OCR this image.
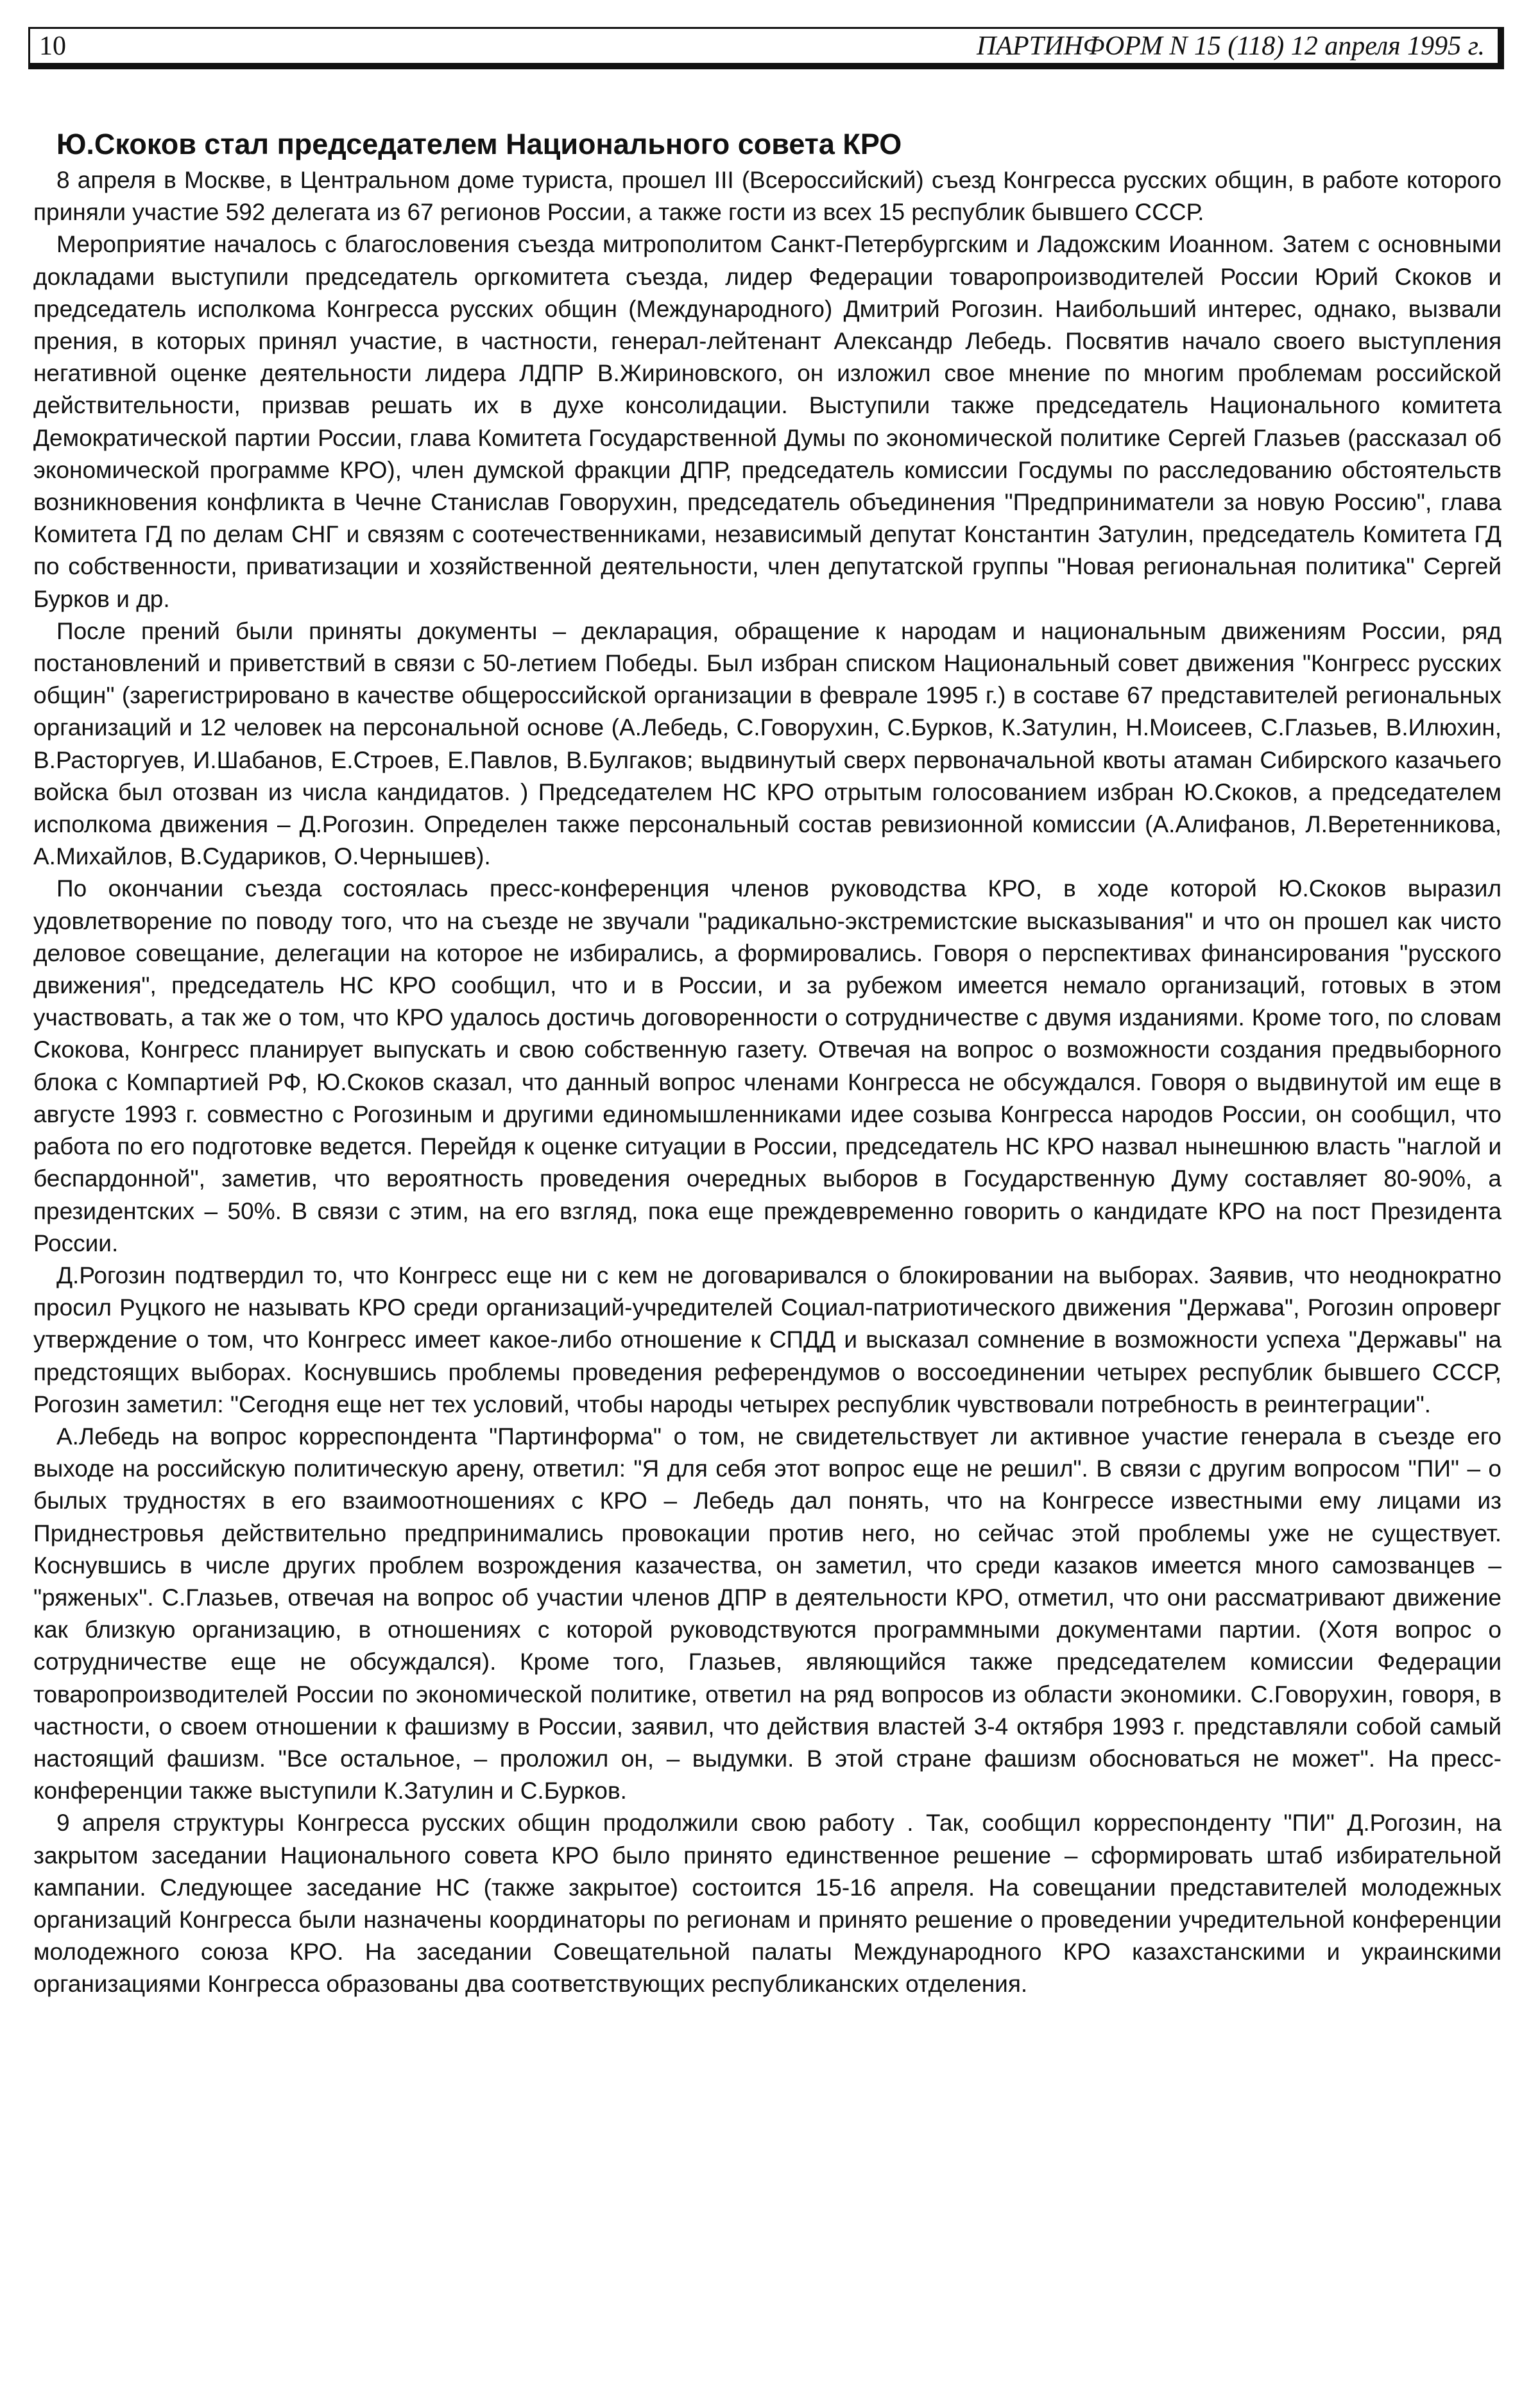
10	ПАРТИНФОРМ N 15 (118) 12 апреля 1995 г.
Ю.Скоков стал председателем Национального совета КРО

8 апреля в Москве, в Центральном доме туриста, прошел III (Всероссийский) съезд Конгресса русских общин, в работе которого приняли участие 592 делегата из 67 регионов России, а также гости из всех 15 республик бывшего СССР.

Мероприятие началось с благословения съезда митрополитом Санкт-Петербургским и Ладожским Иоанном. Затем с основными докладами выступили председатель оргкомитета съезда, лидер Федерации товаропроизводителей России Юрий Скоков и председатель исполкома Конгресса русских общин (Международного) Дмитрий Рогозин. Наибольший интерес, однако, вызвали прения, в которых принял участие, в частности, генерал-лейтенант Александр Лебедь. Посвятив начало своего выступления негативной оценке деятельности лидера ЛДПР В.Жириновского, он изложил свое мнение по многим проблемам российской действительности, призвав решать их в духе консолидации. Выступили также председатель Национального комитета Демократической партии России, глава Комитета Государственной Думы по экономической политике Сергей Глазьев (рассказал об экономической программе КРО), член думской фракции ДПР, председатель комиссии Госдумы по расследованию обстоятельств возникновения конфликта в Чечне Станислав Говорухин, председатель объединения "Предприниматели за новую Россию", глава Комитета ГД по делам СНГ и связям с соотечественниками, независимый депутат Константин Затулин, председатель Комитета ГД по собственности, приватизации и хозяйственной деятельности, член депутатской группы "Новая региональная политика" Сергей Бурков и др.

После прений были приняты документы – декларация, обращение к народам и национальным движениям России, ряд постановлений и приветствий в связи с 50-летием Победы. Был избран списком Национальный совет движения "Конгресс русских общин" (зарегистрировано в качестве общероссийской организации в феврале 1995 г.) в составе 67 представителей региональных организаций и 12 человек на персональной основе (А.Лебедь, С.Говорухин, С.Бурков, К.Затулин, Н.Моисеев, С.Глазьев, В.Илюхин, В.Расторгуев, И.Шабанов, Е.Строев, Е.Павлов, В.Булгаков; выдвинутый сверх первоначальной квоты атаман Сибирского казачьего войска был отозван из числа кандидатов. ) Председателем НС КРО отрытым голосованием избран Ю.Скоков, а председателем исполкома движения – Д.Рогозин. Определен также персональный состав ревизионной комиссии (А.Алифанов, Л.Веретенникова, А.Михайлов, В.Судариков, О.Чернышев).

По окончании съезда состоялась пресс-конференция членов руководства КРО, в ходе которой Ю.Скоков выразил удовлетворение по поводу того, что на съезде не звучали "радикально-экстремистские высказывания" и что он прошел как чисто деловое совещание, делегации на которое не избирались, а формировались. Говоря о перспективах финансирования "русского движения", председатель НС КРО сообщил, что и в России, и за рубежом имеется немало организаций, готовых в этом участвовать, а так же о том, что КРО удалось достичь договоренности о сотрудничестве с двумя изданиями. Кроме того, по словам Скокова, Конгресс планирует выпускать и свою собственную газету. Отвечая на вопрос о возможности создания предвыборного блока с Компартией РФ, Ю.Скоков сказал, что данный вопрос членами Конгресса не обсуждался. Говоря о выдвинутой им еще в августе 1993 г. совместно с Рогозиным и другими единомышленниками идее созыва Конгресса народов России, он сообщил, что работа по его подготовке ведется. Перейдя к оценке ситуации в России, председатель НС КРО назвал нынешнюю власть "наглой и беспардонной", заметив, что вероятность проведения очередных выборов в Государственную Думу составляет 80-90%, а президентских – 50%. В связи с этим, на его взгляд, пока еще преждевременно говорить о кандидате КРО на пост Президента России.

Д.Рогозин подтвердил то, что Конгресс еще ни с кем не договаривался о блокировании на выборах. Заявив, что неоднократно просил Руцкого не называть КРО среди организаций-учредителей Социал-патриотического движения "Держава", Рогозин опроверг утверждение о том, что Конгресс имеет какое-либо отношение к СПДД и высказал сомнение в возможности успеха "Державы" на предстоящих выборах. Коснувшись проблемы проведения референдумов о воссоединении четырех республик бывшего СССР, Рогозин заметил: "Сегодня еще нет тех условий, чтобы народы четырех республик чувствовали потребность в реинтеграции".

А.Лебедь на вопрос корреспондента "Партинформа" о том, не свидетельствует ли активное участие генерала в съезде его выходе на российскую политическую арену, ответил: "Я для себя этот вопрос еще не решил". В связи с другим вопросом "ПИ" – о былых трудностях в его взаимоотношениях с КРО – Лебедь дал понять, что на Конгрессе известными ему лицами из Приднестровья действительно предпринимались провокации против него, но сейчас этой проблемы уже не существует. Коснувшись в числе других проблем возрождения казачества, он заметил, что среди казаков имеется много самозванцев – "ряженых". С.Глазьев, отвечая на вопрос об участии членов ДПР в деятельности КРО, отметил, что они рассматривают движение как близкую организацию, в отношениях с которой руководствуются программными документами партии. (Хотя вопрос о сотрудничестве еще не обсуждался). Кроме того, Глазьев, являющийся также председателем комиссии Федерации товаропроизводителей России по экономической политике, ответил на ряд вопросов из области экономики. С.Говорухин, говоря, в частности, о своем отношении к фашизму в России, заявил, что действия властей 3-4 октября 1993 г. представляли собой самый настоящий фашизм. "Все остальное, – проложил он, – выдумки. В этой стране фашизм обосноваться не может". На пресс-конференции также выступили К.Затулин и С.Бурков.

9 апреля структуры Конгресса русских общин продолжили свою работу . Так, сообщил корреспонденту "ПИ" Д.Рогозин, на закрытом заседании Национального совета КРО было принято единственное решение – сформировать штаб избирательной кампании. Следующее заседание НС (также закрытое) состоится 15-16 апреля. На совещании представителей молодежных организаций Конгресса были назначены координаторы по регионам и принято решение о проведении учредительной конференции молодежного союза КРО. На заседании Совещательной палаты Международного КРО казахстанскими и украинскими организациями Конгресса образованы два соответствующих республиканских отделения.
